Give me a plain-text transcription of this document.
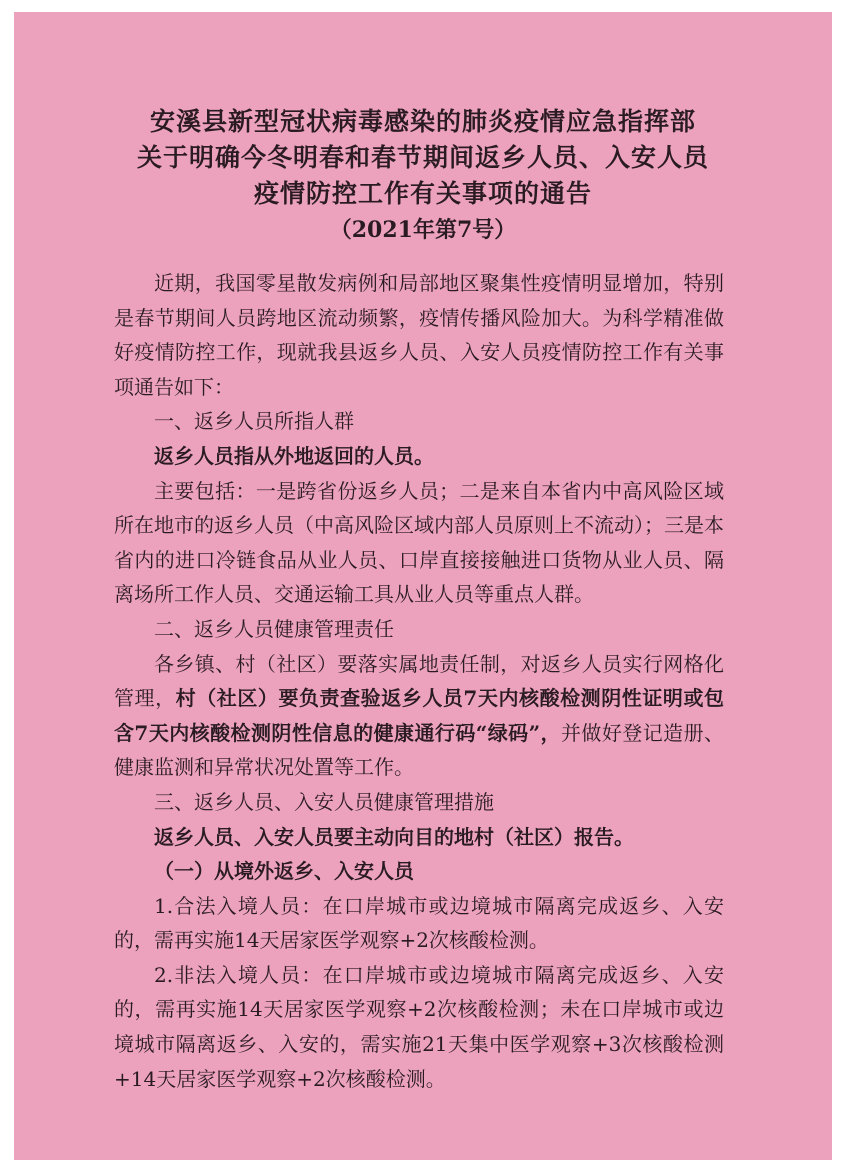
安溪县新型冠状病毒感染的肺炎疫情应急指挥部

关于明确今冬明春和春节期间返乡人员、入安人员

疫情防控工作有关事项的通告

（2021年第7号）

近期，我国零星散发病例和局部地区聚集性疫情明显增加，特别是春节期间人员跨地区流动频繁，疫情传播风险加大。为科学精准做好疫情防控工作，现就我县返乡人员、入安人员疫情防控工作有关事项通告如下：

一、返乡人员所指人群

返乡人员指从外地返回的人员。

主要包括：一是跨省份返乡人员；二是来自本省内中高风险区域所在地市的返乡人员（中高风险区域内部人员原则上不流动）；三是本省内的进口冷链食品从业人员、口岸直接接触进口货物从业人员、隔离场所工作人员、交通运输工具从业人员等重点人群。

二、返乡人员健康管理责任

各乡镇、村（社区）要落实属地责任制，对返乡人员实行网格化管理，村（社区）要负责查验返乡人员7天内核酸检测阴性证明或包含7天内核酸检测阴性信息的健康通行码“绿码”，并做好登记造册、健康监测和异常状况处置等工作。

三、返乡人员、入安人员健康管理措施

返乡人员、入安人员要主动向目的地村（社区）报告。

（一）从境外返乡、入安人员

1.合法入境人员：在口岸城市或边境城市隔离完成返乡、入安的，需再实施14天居家医学观察+2次核酸检测。

2.非法入境人员：在口岸城市或边境城市隔离完成返乡、入安的，需再实施14天居家医学观察+2次核酸检测；未在口岸城市或边境城市隔离返乡、入安的，需实施21天集中医学观察+3次核酸检测+14天居家医学观察+2次核酸检测。
